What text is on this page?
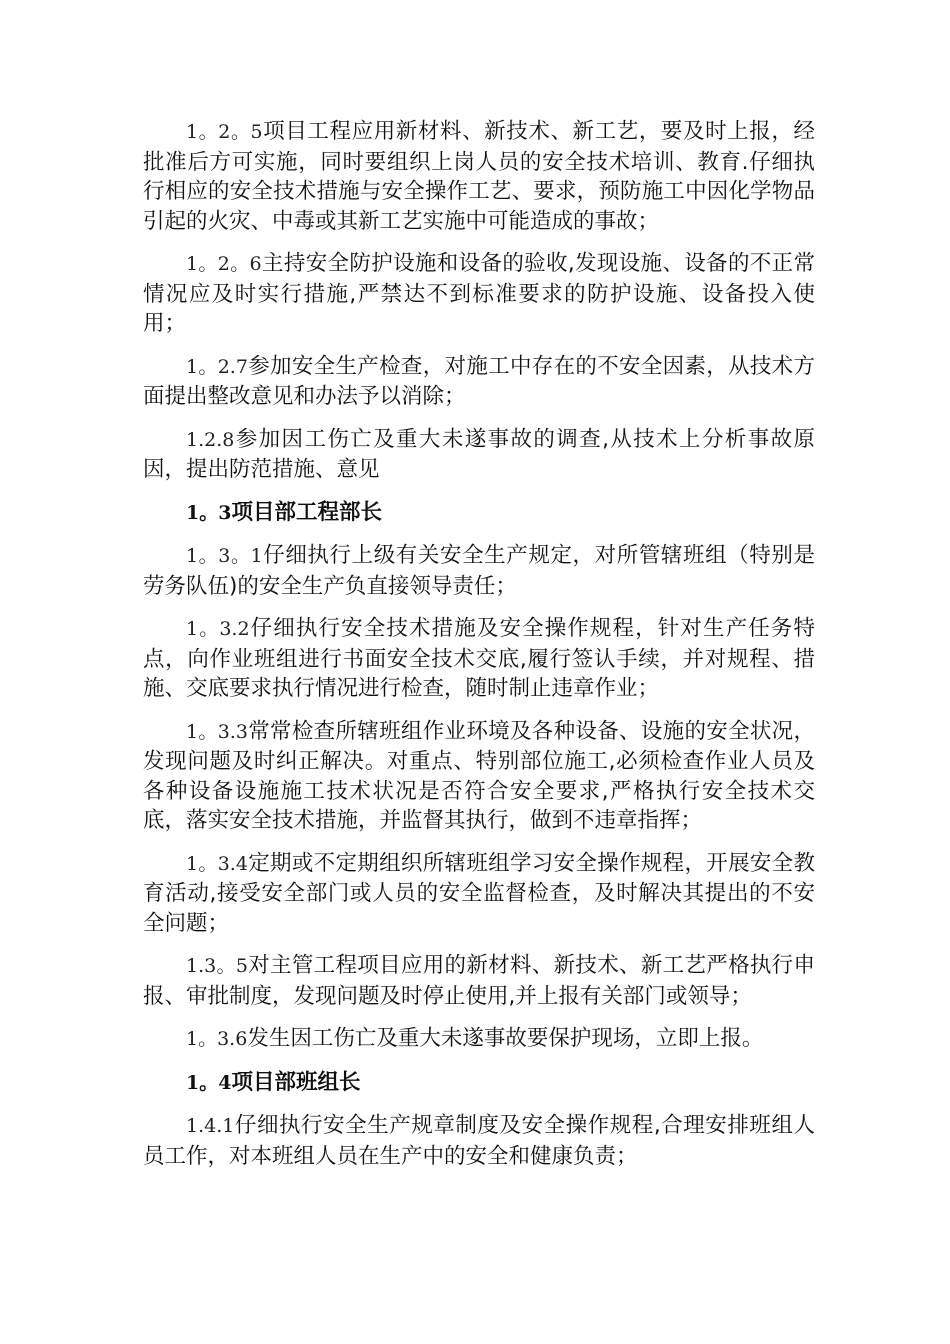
1。2。5项目工程应用新材料、新技术、新工艺，要及时上报，经批准后方可实施，同时要组织上岗人员的安全技术培训、教育.仔细执行相应的安全技术措施与安全操作工艺、要求，预防施工中因化学物品引起的火灾、中毒或其新工艺实施中可能造成的事故；

1。2。6主持安全防护设施和设备的验收,发现设施、设备的不正常情况应及时实行措施,严禁达不到标准要求的防护设施、设备投入使用；

1。2.7参加安全生产检查，对施工中存在的不安全因素，从技术方面提出整改意见和办法予以消除；

1.2.8参加因工伤亡及重大未遂事故的调查,从技术上分析事故原因，提出防范措施、意见

1。3项目部工程部长

1。3。1仔细执行上级有关安全生产规定，对所管辖班组（特别是劳务队伍)的安全生产负直接领导责任；

1。3.2仔细执行安全技术措施及安全操作规程，针对生产任务特点，向作业班组进行书面安全技术交底,履行签认手续，并对规程、措施、交底要求执行情况进行检查，随时制止违章作业；

1。3.3常常检查所辖班组作业环境及各种设备、设施的安全状况，发现问题及时纠正解决。对重点、特别部位施工,必须检查作业人员及各种设备设施施工技术状况是否符合安全要求,严格执行安全技术交底，落实安全技术措施，并监督其执行，做到不违章指挥；

1。3.4定期或不定期组织所辖班组学习安全操作规程，开展安全教育活动,接受安全部门或人员的安全监督检查，及时解决其提出的不安全问题；

1.3。5对主管工程项目应用的新材料、新技术、新工艺严格执行申报、审批制度，发现问题及时停止使用,并上报有关部门或领导；

1。3.6发生因工伤亡及重大未遂事故要保护现场，立即上报。

1。4项目部班组长

1.4.1仔细执行安全生产规章制度及安全操作规程,合理安排班组人员工作，对本班组人员在生产中的安全和健康负责；
